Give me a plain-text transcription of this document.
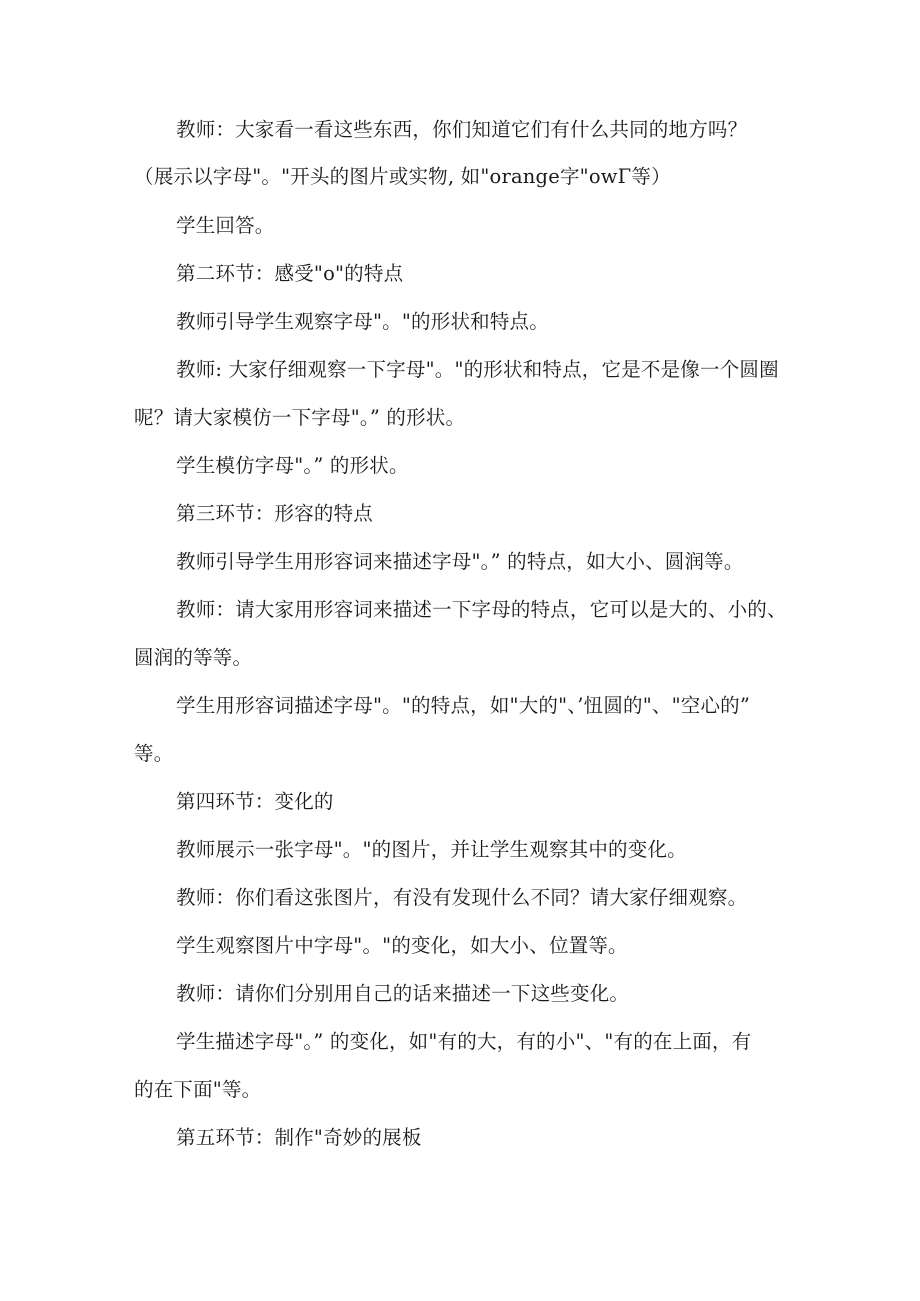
教师：大家看一看这些东西，你们知道它们有什么共同的地方吗？
（展示以字母"。"开头的图片或实物, 如"orange字"owΓ等）
学生回答。
第二环节：感受"o"的特点
教师引导学生观察字母"。"的形状和特点。
教师: 大家仔细观察一下字母"。"的形状和特点，它是不是像一个圆圈
呢？请大家模仿一下字母"。” 的形状。
学生模仿字母"。” 的形状。
第三环节：形容的特点
教师引导学生用形容词来描述字母"。” 的特点，如大小、圆润等。
教师：请大家用形容词来描述一下字母的特点，它可以是大的、小的、
圆润的等等。
学生用形容词描述字母"。"的特点，如"大的"、’忸圆的"、"空心的”
等。
第四环节：变化的
教师展示一张字母"。"的图片，并让学生观察其中的变化。
教师：你们看这张图片，有没有发现什么不同？请大家仔细观察。
学生观察图片中字母"。"的变化，如大小、位置等。
教师：请你们分别用自己的话来描述一下这些变化。
学生描述字母"。” 的变化，如"有的大，有的小"、"有的在上面，有
的在下面"等。
第五环节：制作"奇妙的展板
